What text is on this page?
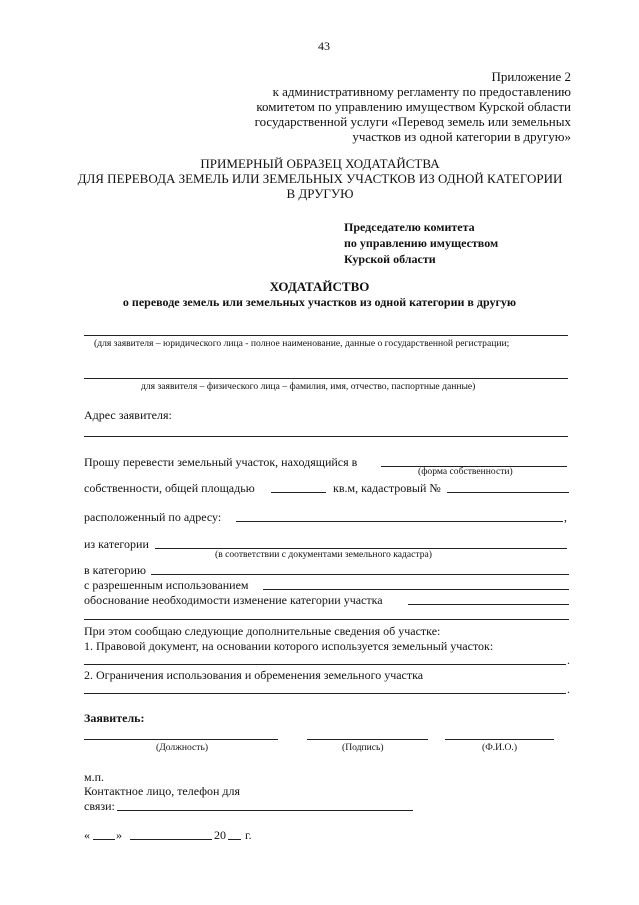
43
Приложение 2
к административному регламенту по предоставлению
комитетом по управлению имуществом Курской области
государственной услуги «Перевод земель или земельных
участков из одной категории в другую»
ПРИМЕРНЫЙ ОБРАЗЕЦ ХОДАТАЙСТВА
ДЛЯ ПЕРЕВОДА ЗЕМЕЛЬ ИЛИ ЗЕМЕЛЬНЫХ УЧАСТКОВ ИЗ ОДНОЙ КАТЕГОРИИ
В ДРУГУЮ
Председателю комитета
по управлению имуществом
Курской области
ХОДАТАЙСТВО
о переводе земель или земельных участков из одной категории в другую
(для заявителя – юридического лица - полное наименование, данные о государственной регистрации;
для заявителя – физического лица – фамилия, имя, отчество, паспортные данные)
Адрес заявителя:
Прошу перевести земельный участок, находящийся в
(форма собственности)
собственности, общей площадью	кв.м, кадастровый №
расположенный по адресу:	,
из категории
(в соответствии с документами земельного кадастра)
в категорию
с разрешенным использованием
обоснование необходимости изменение категории участка
При этом сообщаю следующие дополнительные сведения об участке:
1. Правовой документ, на основании которого используется земельный участок:
.
2. Ограничения использования и обременения земельного участка
.
Заявитель:
(Должность)	(Подпись)	(Ф.И.О.)
м.п.
Контактное лицо, телефон для
связи:
« »	20 г.
